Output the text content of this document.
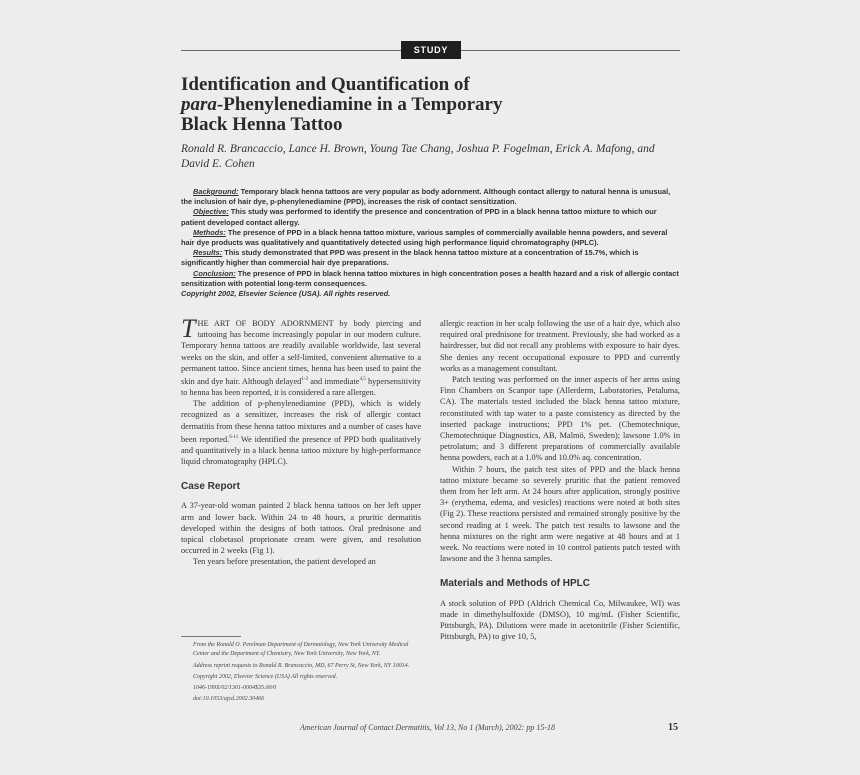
STUDY
Identification and Quantification of
para-Phenylenediamine in a Temporary
Black Henna Tattoo
Ronald R. Brancaccio, Lance H. Brown, Young Tae Chang, Joshua P. Fogelman, Erick A. Mafong, and David E. Cohen

Background: Temporary black henna tattoos are very popular as body adornment. Although contact allergy to natural henna is unusual, the inclusion of hair dye, p-phenylenediamine (PPD), increases the risk of contact sensitization.

Objective: This study was performed to identify the presence and concentration of PPD in a black henna tattoo mixture to which our patient developed contact allergy.

Methods: The presence of PPD in a black henna tattoo mixture, various samples of commercially available henna powders, and several hair dye products was qualitatively and quantitatively detected using high performance liquid chromatography (HPLC).

Results: This study demonstrated that PPD was present in the black henna tattoo mixture at a concentration of 15.7%, which is significantly higher than commercial hair dye preparations.

Conclusion: The presence of PPD in black henna tattoo mixtures in high concentration poses a health hazard and a risk of allergic contact sensitization with potential long-term consequences.

Copyright 2002, Elsevier Science (USA). All rights reserved.

THE ART OF BODY ADORNMENT by body piercing and tattooing has become increasingly popular in our modern culture. Temporary henna tattoos are readily available worldwide, last several weeks on the skin, and offer a self-limited, convenient alternative to a permanent tattoo. Since ancient times, henna has been used to paint the skin and dye hair. Although delayed$^{1-3}$ and immediate$^{4,5}$ hypersensitivity to henna has been reported, it is considered a rare allergen.

The addition of p-phenylenediamine (PPD), which is widely recognized as a sensitizer, increases the risk of allergic contact dermatitis from these henna tattoo mixtures and a number of cases have been reported.$^{6-11}$ We identified the presence of PPD both qualitatively and quantitatively in a black henna tattoo mixture by high-performance liquid chromatography (HPLC).

Case Report

A 37-year-old woman painted 2 black henna tattoos on her left upper arm and lower back. Within 24 to 48 hours, a pruritic dermatitis developed within the designs of both tattoos. Oral prednisone and topical clobetasol proprionate cream were given, and resolution occurred in 2 weeks (Fig 1).

Ten years before presentation, the patient developed an

allergic reaction in her scalp following the use of a hair dye, which also required oral prednisone for treatment. Previously, she had worked as a hairdresser, but did not recall any problems with exposure to hair dyes. She denies any recent occupational exposure to PPD and currently works as a management consultant.

Patch testing was performed on the inner aspects of her arms using Finn Chambers on Scanpor tape (Allerderm, Laboratories, Petaluma, CA). The materials tested included the black henna tattoo mixture, reconstituted with tap water to a paste consistency as directed by the inserted package instructions; PPD 1% pet. (Chemotechnique, Chemotechnique Diagnostics, AB, Malmö, Sweden); lawsone 1.0% in petrolatum; and 3 different preparations of commercially available henna powders, each at a 1.0% and 10.0% aq. concentration.

Within 7 hours, the patch test sites of PPD and the black henna tattoo mixture became so severely pruritic that the patient removed them from her left arm. At 24 hours after application, strongly positive 3+ (erythema, edema, and vesicles) reactions were noted at both sites (Fig 2). These reactions persisted and remained strongly positive by the second reading at 1 week. The patch test results to lawsone and the henna mixtures on the right arm were negative at 48 hours and at 1 week. No reactions were noted in 10 control patients patch tested with lawsone and the 3 henna samples.

Materials and Methods of HPLC

A stock solution of PPD (Aldrich Chemical Co, Milwaukee, WI) was made in dimethylsulfoxide (DMSO), 10 mg/mL (Fisher Scientific, Pittsburgh, PA). Dilutions were made in acetonitrile (Fisher Scientific, Pittsburgh, PA) to give 10, 5,

From the Ronald O. Perelman Department of Dermatology, New York University Medical Center and the Department of Chemistry, New York University, New York, NY.

Address reprint requests to Ronald R. Brancaccio, MD, 67 Perry St, New York, NY 10014.

Copyright 2002, Elsevier Science (USA) All rights reserved.

1046-199X/02/1301-0004$35.00/0

doi:10.1053/ajcd.2002.30466

American Journal of Contact Dermatitis, Vol 13, No 1 (March), 2002: pp 15-18	15
